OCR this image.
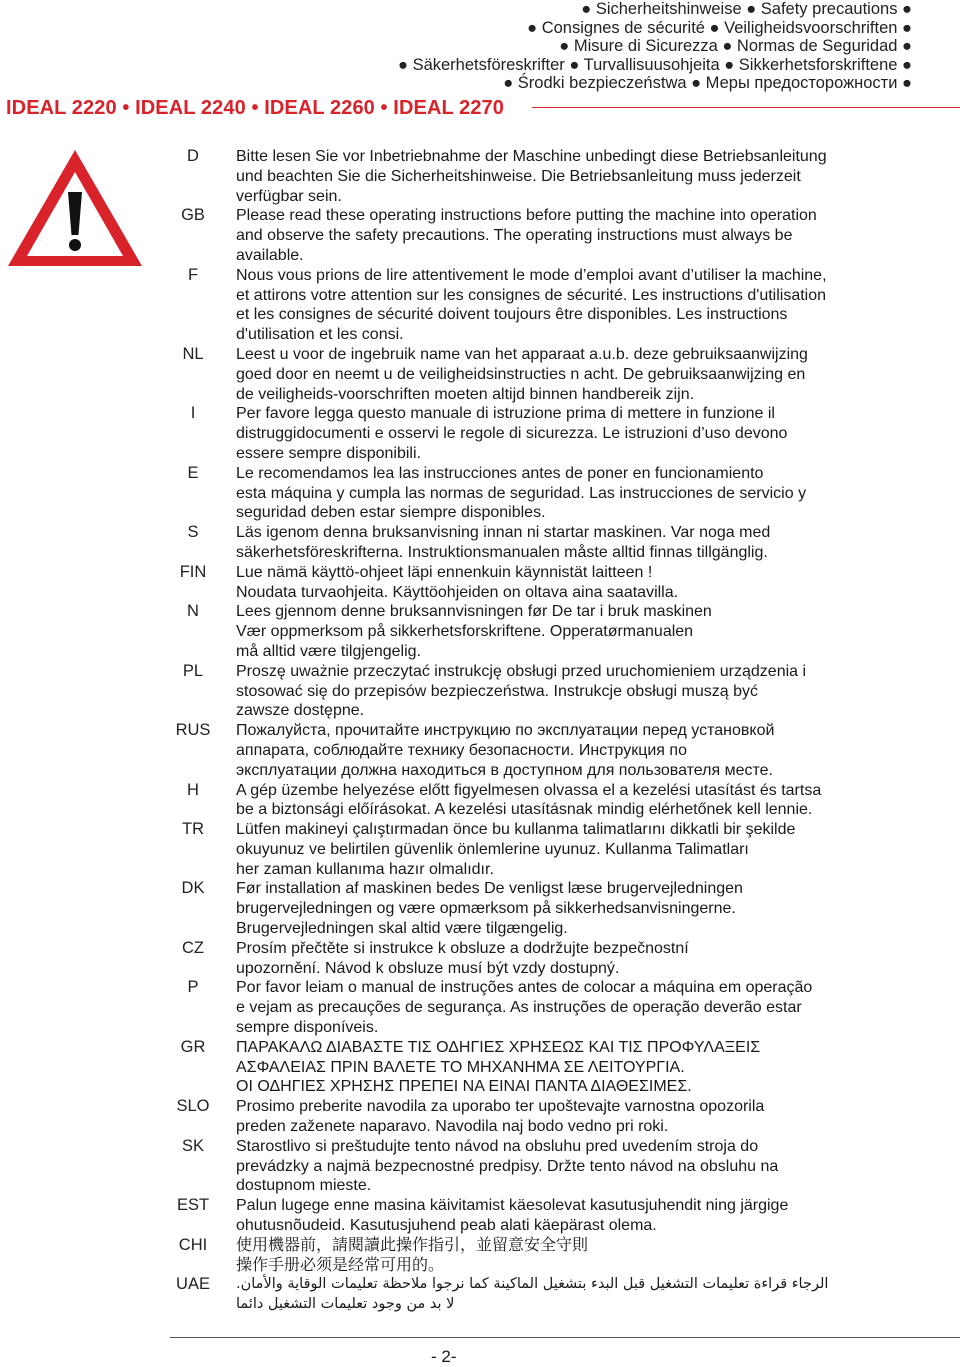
● Sicherheitshinweise ● Safety precautions ●
● Consignes de sécurité ● Veiligheidsvoorschriften ●
● Misure di Sicurezza ● Normas de Seguridad ●
● Säkerhetsföreskrifter ● Turvallisuusohjeita ● Sikkerhetsforskriftene ●
● Środki bezpieczeństwa ● Меры предосторожности ●
IDEAL 2220 • IDEAL 2240 • IDEAL 2260 • IDEAL 2270
D	Bitte lesen Sie vor Inbetriebnahme der Maschine unbedingt diese Betriebsanleitung
und beachten Sie die Sicherheitshinweise. Die Betriebsanleitung muss jederzeit
verfügbar sein.
GB	Please read these operating instructions before putting the machine into operation
and observe the safety precautions. The operating instructions must always be
available.
F	Nous vous prions de lire attentivement le mode d’emploi avant d’utiliser la machine,
et attirons votre attention sur les consignes de sécurité. Les instructions d'utilisation
et les consignes de sécurité doivent toujours être disponibles. Les instructions
d'utilisation et les consi.
NL	Leest u voor de ingebruik name van het apparaat a.u.b. deze gebruiksaanwijzing
goed door en neemt u de veiligheidsinstructies n acht. De gebruiksaanwijzing en
de veiligheids-voorschriften moeten altijd binnen handbereik zijn.
I	Per favore legga questo manuale di istruzione prima di mettere in funzione il
distruggidocumenti e osservi le regole di sicurezza. Le istruzioni d’uso devono
essere sempre disponibili.
E	Le recomendamos lea las instrucciones antes de poner en funcionamiento
esta máquina y cumpla las normas de seguridad. Las instrucciones de servicio y
seguridad deben estar siempre disponibles.
S	Läs igenom denna bruksanvisning innan ni startar maskinen. Var noga med
säkerhetsföreskrifterna. Instruktionsmanualen måste alltid finnas tillgänglig.
FIN	Lue nämä käyttö-ohjeet läpi ennenkuin käynnistät laitteen !
Noudata turvaohjeita. Käyttöohjeiden on oltava aina saatavilla.
N	Lees gjennom denne bruksannvisningen før De tar i bruk maskinen
Vær oppmerksom på sikkerhetsforskriftene. Opperatørmanualen
må alltid være tilgjengelig.
PL	Proszę uważnie przeczytać instrukcję obsługi przed uruchomieniem urządzenia i
stosować się do przepisów bezpieczeństwa. Instrukcje obsługi muszą być
zawsze dostępne.
RUS	Пожалуйста, прочитайте инструкцию по эксплуатации перед установкой
аппарата, соблюдайте технику безопасности. Инструкция по
эксплуатации должна находиться в доступном для пользователя месте.
H	A gép üzembe helyezése előtt figyelmesen olvassa el a kezelési utasítást és tartsa
be a biztonsági előírásokat. A kezelési utasításnak mindig elérhetőnek kell lennie.
TR	Lütfen makineyi çalıştırmadan önce bu kullanma talimatlarını dikkatli bir şekilde
okuyunuz ve belirtilen güvenlik önlemlerine uyunuz. Kullanma Talimatları
her zaman kullanıma hazır olmalıdır.
DK	Før installation af maskinen bedes De venligst læse brugervejledningen
brugervejledningen og være opmærksom på sikkerhedsanvisningerne.
Brugervejledningen skal altid være tilgængelig.
CZ	Prosím přečtěte si instrukce k obsluze a dodržujte bezpečnostní
upozornění. Návod k obsluze musí být vzdy dostupný.
P	Por favor leiam o manual de instruções antes de colocar a máquina em operação
e vejam as precauções de segurança. As instruções de operação deverão estar
sempre disponíveis.
GR	ΠΑΡΑΚΑΛΩ ΔΙΑΒΑΣΤΕ ΤΙΣ ΟΔΗΓΙΕΣ ΧΡΗΣΕΩΣ ΚΑΙ ΤΙΣ ΠΡΟΦΥΛΑΞΕΙΣ
ΑΣΦΑΛΕΙΑΣ ΠΡΙΝ ΒΑΛΕΤΕ ΤΟ ΜΗΧΑΝΗΜΑ ΣΕ ΛΕΙΤΟΥΡΓΙΑ.
ΟΙ ΟΔΗΓΙΕΣ ΧΡΗΣΗΣ ΠΡΕΠΕΙ ΝΑ ΕΙΝΑΙ ΠΑΝΤΑ ΔΙΑΘΕΣΙΜΕΣ.
SLO	Prosimo preberite navodila za uporabo ter upoštevajte varnostna opozorila
preden zaženete naparavo. Navodila naj bodo vedno pri roki.
SK	Starostlivo si preštudujte tento návod na obsluhu pred uvedením stroja do
prevádzky a najmä bezpecnostné predpisy. Držte tento návod na obsluhu na
dostupnom mieste.
EST	Palun lugege enne masina käivitamist käesolevat kasutusjuhendit ning järgige
ohutusnõudeid. Kasutusjuhend peab alati käepärast olema.
CHI	使用機器前，請閱讀此操作指引，並留意安全守則
操作手册必须是经常可用的。
UAE	الرجاء قراءة تعليمات التشغيل قبل البدء بتشغيل الماكينة كما نرجوا ملاحظة تعليمات الوقاية والأمان.
لا بد من وجود تعليمات التشغيل دائما
- 2-
